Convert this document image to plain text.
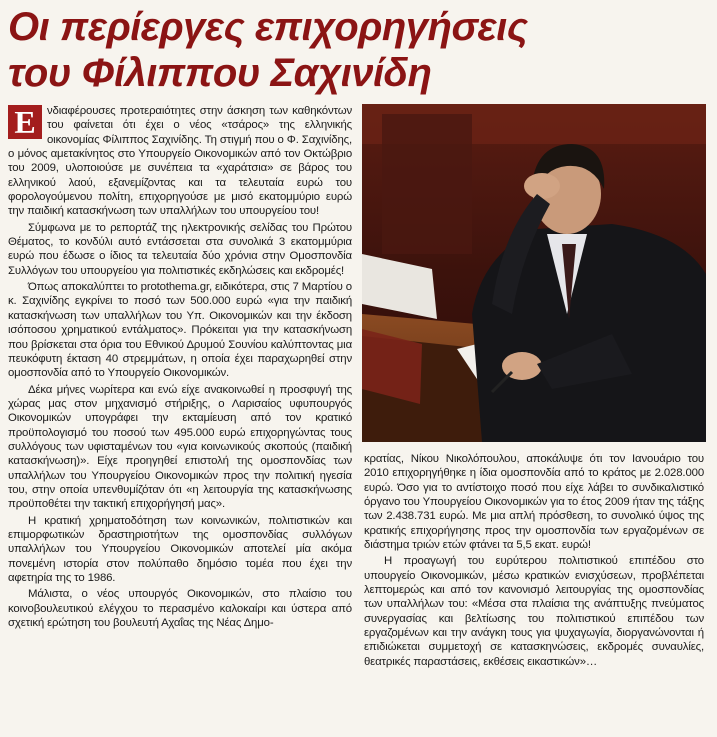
Οι περίεργες επιχορηγήσεις
του Φίλιππου Σαχινίδη

Ε	νδιαφέρουσες προτεραιότητες στην άσκηση των καθηκόντων του φαίνεται ότι έχει ο νέος «τσάρος» της ελληνικής οικονομίας Φίλιππος Σαχινίδης. Τη στιγμή που ο Φ. Σαχινίδης, ο μόνος αμετακίνητος στο Υπουργείο Οικονομικών από τον Οκτώβριο του 2009, υλοποιούσε με συνέπεια τα «χαράτσια» σε βάρος του ελληνικού λαού, εξανεμίζοντας και τα τελευταία ευρώ του φορολογούμενου πολίτη, επιχορηγούσε με μισό εκατομμύριο ευρώ την παιδική κατασκήνωση των υπαλλήλων του υπουργείου του!

Σύμφωνα με το ρεπορτάζ της ηλεκτρονικής σελίδας του Πρώτου Θέματος, το κονδύλι αυτό εντάσσεται στα συνολικά 3 εκατομμύρια ευρώ που έδωσε ο ίδιος τα τελευταία δύο χρόνια στην Ομοσπονδία Συλλόγων του υπουργείου για πολιτιστικές εκδηλώσεις και εκδρομές!

Όπως αποκαλύπτει το protothema.gr, ειδικότερα, στις 7 Μαρτίου ο κ. Σαχινίδης εγκρίνει το ποσό των 500.000 ευρώ «για την παιδική κατασκήνωση των υπαλλήλων του Υπ. Οικονομικών και την έκδοση ισόποσου χρηματικού εντάλματος». Πρόκειται για την κατασκήνωση που βρίσκεται στα όρια του Εθνικού Δρυμού Σουνίου καλύπτοντας μια πευκόφυτη έκταση 40 στρεμμάτων, η οποία έχει παραχωρηθεί στην ομοσπονδία από το Υπουργείο Οικονομικών.

Δέκα μήνες νωρίτερα και ενώ είχε ανακοινωθεί η προσφυγή της χώρας μας στον μηχανισμό στήριξης, ο Λαρισαίος υφυπουργός Οικονομικών υπογράφει την εκταμίευση από τον κρατικό προϋπολογισμό του ποσού των 495.000 ευρώ επιχορηγώντας τους συλλόγους των υφισταμένων του «για κοινωνικούς σκοπούς (παιδική κατασκήνωση)». Είχε προηγηθεί επιστολή της ομοσπονδίας των υπαλλήλων του Υπουργείου Οικονομικών προς την πολιτική ηγεσία του, στην οποία υπενθυμίζόταν ότι «η λειτουργία της κατασκήνωσης προϋποθέτει την τακτική επιχορήγησή μας».

Η κρατική χρηματοδότηση των κοινωνικών, πολιτιστικών και επιμορφωτικών δραστηριοτήτων της ομοσπονδίας συλλόγων υπαλλήλων του Υπουργείου Οικονομικών αποτελεί μία ακόμα πονεμένη ιστορία στον πολύπαθο δημόσιο τομέα που έχει την αφετηρία της το 1986.

Μάλιστα, ο νέος υπουργός Οικονομικών, στο πλαίσιο του κοινοβουλευτικού ελέγχου το περασμένο καλοκαίρι και ύστερα από σχετική ερώτηση του βουλευτή Αχαΐας της Νέας Δημο-

κρατίας, Νίκου Νικολόπουλου, αποκάλυψε ότι τον Ιανουάριο του 2010 επιχορηγήθηκε η ίδια ομοσπονδία από το κράτος με 2.028.000 ευρώ. Όσο για το αντίστοιχο ποσό που είχε λάβει το συνδικαλιστικό όργανο του Υπουργείου Οικονομικών για το έτος 2009 ήταν της τάξης των 2.438.731 ευρώ. Με μια απλή πρόσθεση, το συνολικό ύψος της κρατικής επιχορήγησης προς την ομοσπονδία των εργαζομένων σε διάστημα τριών ετών φτάνει τα 5,5 εκατ. ευρώ!

Η προαγωγή του ευρύτερου πολιτιστικού επιπέδου στο υπουργείο Οικονομικών, μέσω κρατικών ενισχύσεων, προβλέπεται λεπτομερώς και από τον κανονισμό λειτουργίας της ομοσπονδίας των υπαλλήλων του: «Μέσα στα πλαίσια της ανάπτυξης πνεύματος συνεργασίας και βελτίωσης του πολιτιστικού επιπέδου των εργαζομένων και την ανάγκη τους για ψυχαγωγία, διοργανώνονται ή επιδιώκεται συμμετοχή σε κατασκηνώσεις, εκδρομές συναυλίες, θεατρικές παραστάσεις, εκθέσεις εικαστικών»…
